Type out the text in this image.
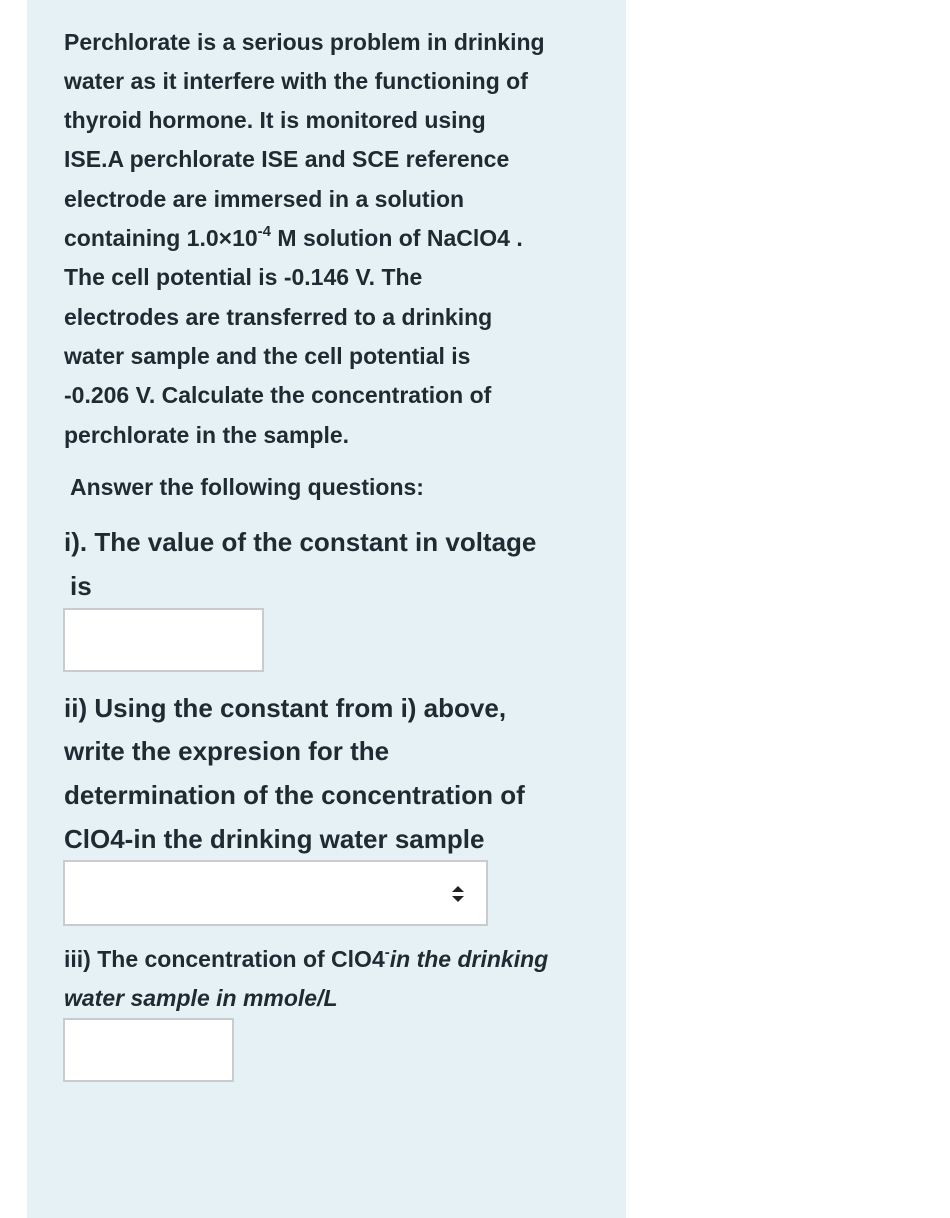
Perchlorate is a serious problem in drinking

water as it interfere with the functioning of

thyroid hormone. It is monitored using

ISE.A perchlorate ISE and SCE reference

electrode are immersed in a solution

containing $1.0\times 10^{-4}$ M solution of NaClO4 .

The cell potential is -0.146 V. The

electrodes are transferred to a drinking

water sample and the cell potential is

-0.206 V. Calculate the concentration of

perchlorate in the sample.

Answer the following questions:

i). The value of the constant in voltage

is

ii) Using the constant from i) above,

write the expresion for the

determination of the concentration of

ClO4-in the drinking water sample

iii) The concentration of ClO4-in the drinking

water sample in mmole/L
